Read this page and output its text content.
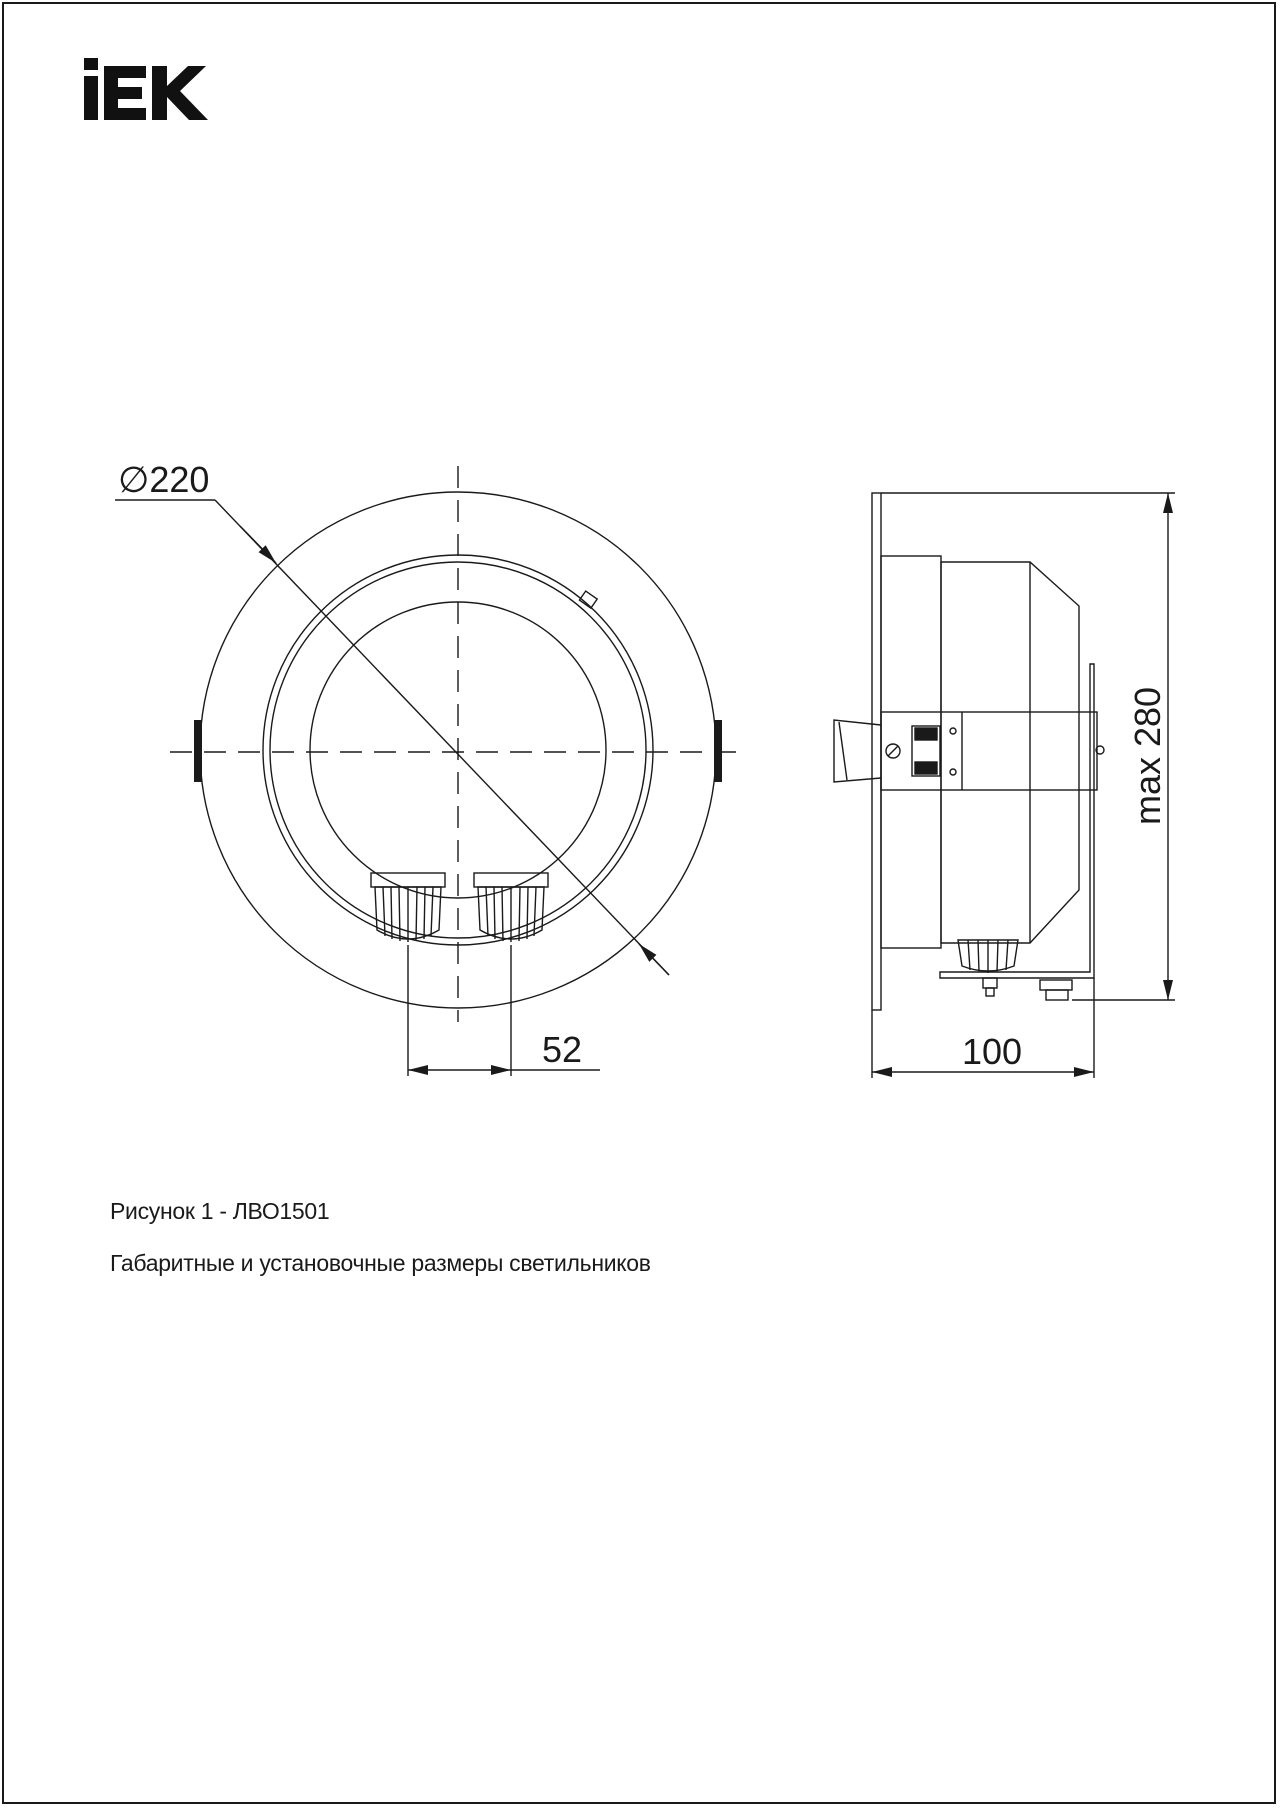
∅220
52	100
max 280
Рисунок 1 - ЛВО1501
Габаритные и установочные размеры светильников
